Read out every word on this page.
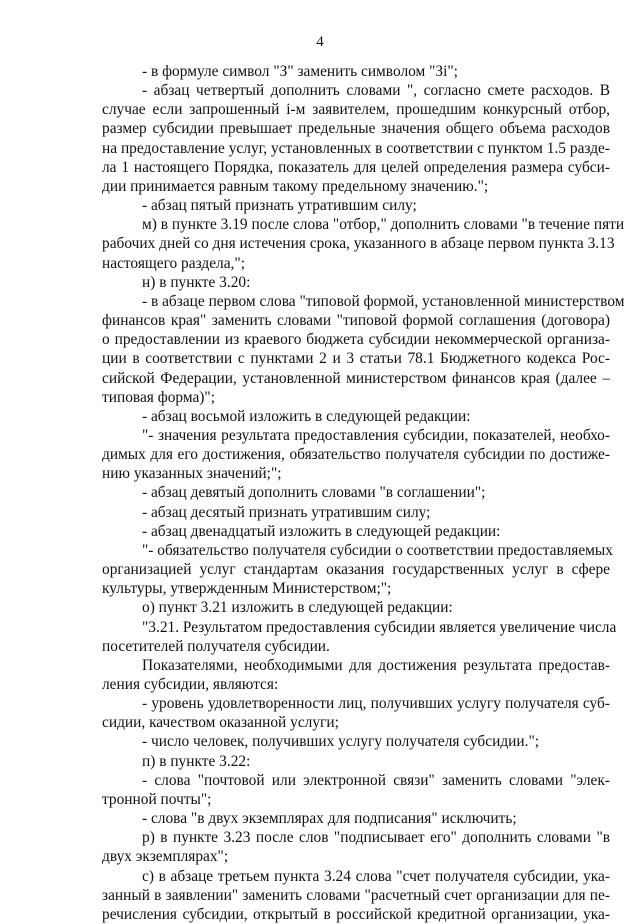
4
- в формуле символ "З" заменить символом "Зi";
- абзац четвертый дополнить словами ", согласно смете расходов. В
случае если запрошенный i-м заявителем, прошедшим конкурсный отбор,
размер субсидии превышает предельные значения общего объема расходов
на предоставление услуг, установленных в соответствии с пунктом 1.5 разде-
ла 1 настоящего Порядка, показатель для целей определения размера субси-
дии принимается равным такому предельному значению.";
- абзац пятый признать утратившим силу;
м) в пункте 3.19 после слова "отбор," дополнить словами "в течение пяти
рабочих дней со дня истечения срока, указанного в абзаце первом пункта 3.13
настоящего раздела,";
н) в пункте 3.20:
- в абзаце первом слова "типовой формой, установленной министерством
финансов края" заменить словами "типовой формой соглашения (договора)
о предоставлении из краевого бюджета субсидии некоммерческой организа-
ции в соответствии с пунктами 2 и 3 статьи 78.1 Бюджетного кодекса Рос-
сийской Федерации, установленной министерством финансов края (далее –
типовая форма)";
- абзац восьмой изложить в следующей редакции:
"- значения результата предоставления субсидии, показателей, необхо-
димых для его достижения, обязательство получателя субсидии по достиже-
нию указанных значений;";
- абзац девятый дополнить словами "в соглашении";
- абзац десятый признать утратившим силу;
- абзац двенадцатый изложить в следующей редакции:
"- обязательство получателя субсидии о соответствии предоставляемых
организацией услуг стандартам оказания государственных услуг в сфере
культуры, утвержденным Министерством;";
о) пункт 3.21 изложить в следующей редакции:
"3.21. Результатом предоставления субсидии является увеличение числа
посетителей получателя субсидии.
Показателями, необходимыми для достижения результата предостав-
ления субсидии, являются:
- уровень удовлетворенности лиц, получивших услугу получателя суб-
сидии, качеством оказанной услуги;
- число человек, получивших услугу получателя субсидии.";
п) в пункте 3.22:
- слова "почтовой или электронной связи" заменить словами "элек-
тронной почты";
- слова "в двух экземплярах для подписания" исключить;
р) в пункте 3.23 после слов "подписывает его" дополнить словами "в
двух экземплярах";
с) в абзаце третьем пункта 3.24 слова "счет получателя субсидии, ука-
занный в заявлении" заменить словами "расчетный счет организации для пе-
речисления субсидии, открытый в российской кредитной организации, ука-
